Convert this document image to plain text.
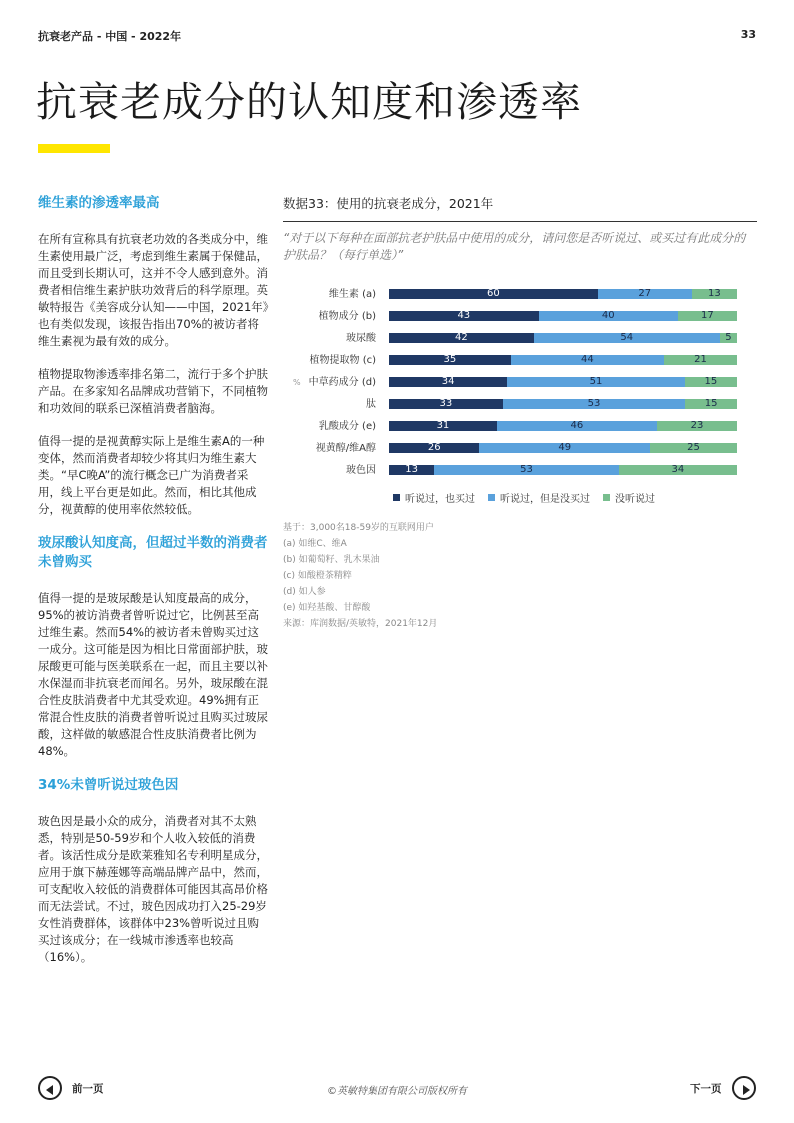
抗衰老产品 - 中国 - 2022年	33
抗衰老成分的认知度和渗透率
维生素的渗透率最高

在所有宣称具有抗衰老功效的各类成分中，维生素使用最广泛，考虑到维生素属于保健品，而且受到长期认可，这并不令人感到意外。消费者相信维生素护肤功效背后的科学原理。英敏特报告《美容成分认知——中国，2021年》也有类似发现，该报告指出70%的被访者将维生素视为最有效的成分。

植物提取物渗透率排名第二，流行于多个护肤产品。在多家知名品牌成功营销下，不同植物和功效间的联系已深植消费者脑海。

值得一提的是视黄醇实际上是维生素A的一种变体，然而消费者却较少将其归为维生素大类。“早C晚A”的流行概念已广为消费者采用，线上平台更是如此。然而，相比其他成分，视黄醇的使用率依然较低。

玻尿酸认知度高，但超过半数的消费者未曾购买

值得一提的是玻尿酸是认知度最高的成分，95%的被访消费者曾听说过它，比例甚至高过维生素。然而54%的被访者未曾购买过这一成分。这可能是因为相比日常面部护肤，玻尿酸更可能与医美联系在一起，而且主要以补水保湿而非抗衰老而闻名。另外，玻尿酸在混合性皮肤消费者中尤其受欢迎。49%拥有正常混合性皮肤的消费者曾听说过且购买过玻尿酸，这样做的敏感混合性皮肤消费者比例为48%。

34%未曾听说过玻色因

玻色因是最小众的成分，消费者对其不太熟悉，特别是50-59岁和个人收入较低的消费者。该活性成分是欧莱雅知名专利明星成分，应用于旗下赫莲娜等高端品牌产品中，然而，可支配收入较低的消费群体可能因其高昂价格而无法尝试。不过，玻色因成功打入25-29岁女性消费群体，该群体中23%曾听说过且购买过该成分；在一线城市渗透率也较高（16%）。

数据33：使用的抗衰老成分，2021年

“对于以下每种在面部抗老护肤品中使用的成分，请问您是否听说过、或买过有此成分的护肤品？（每行单选）”

维生素 (a)	60	27	13
植物成分 (b)	43	40	17
玻尿酸	42	54	5
植物提取物 (c)	35	44	21
% 中草药成分 (d)	34	51	15
肽	33	53	15
乳酸成分 (e)	31	46	23
视黄醇/维A醇	26	49	25
玻色因	13	53	34
听说过，也买过	听说过，但是没买过	没听说过

基于：3,000名18-59岁的互联网用户

(a) 如维C、维A

(b) 如葡萄籽、乳木果油

(c) 如酸橙茶精粹

(d) 如人参

(e) 如羟基酸、甘醇酸

来源：库润数据/英敏特，2021年12月

前一页	©英敏特集团有限公司版权所有	下一页
